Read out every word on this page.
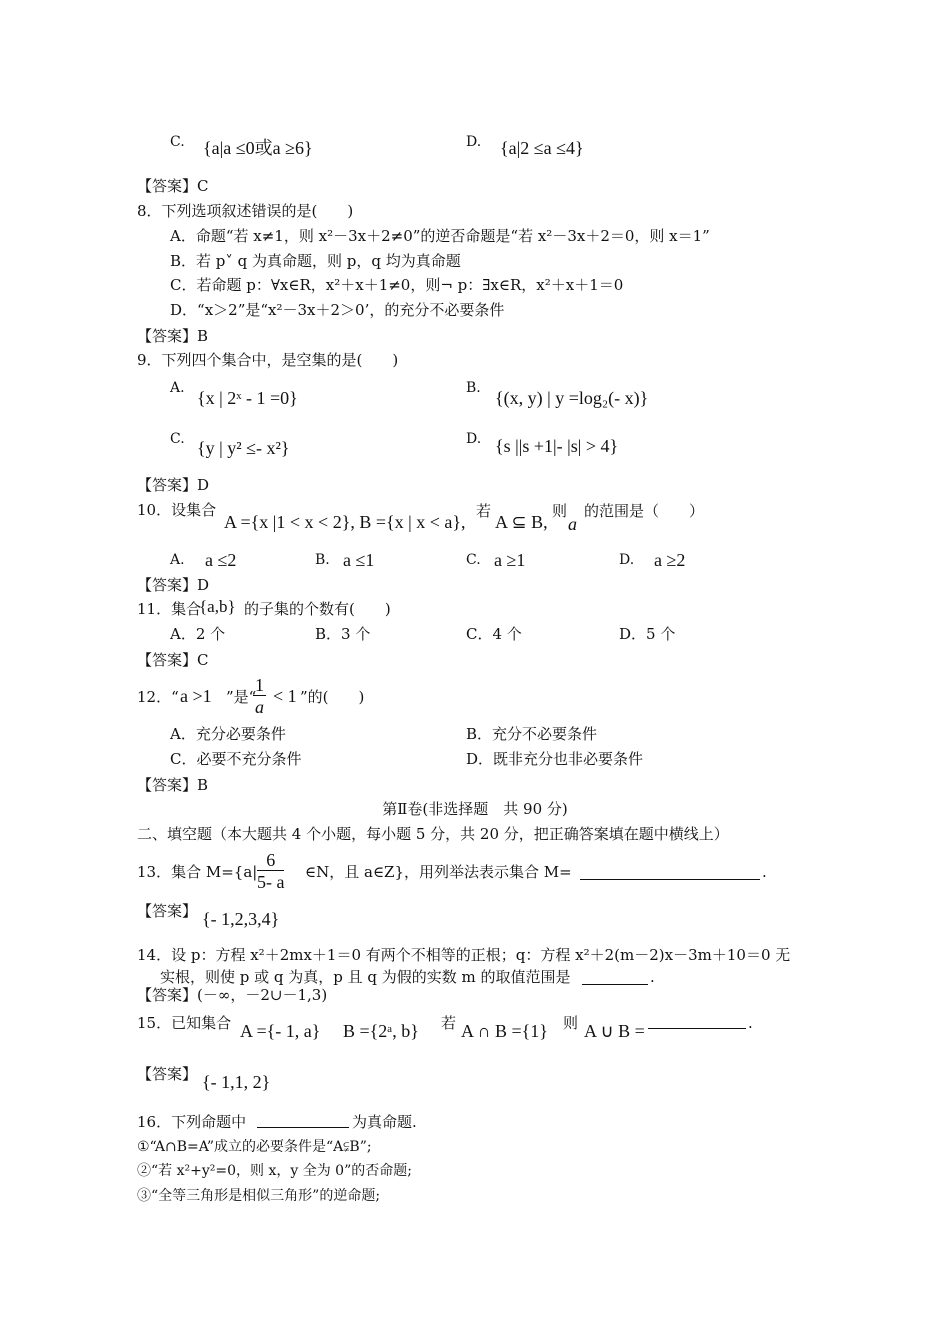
C. {a|a ≤0或a ≥6}	D. {a|2 ≤a ≤4}
【答案】C
8．下列选项叙述错误的是(　　)
A．命题“若 x≠1，则 x²－3x＋2≠0”的逆否命题是“若 x²－3x＋2＝0，则 x＝1”
B．若 p˅ q 为真命题，则 p，q 均为真命题
C．若命题 p：∀x∈R，x²＋x＋1≠0，则¬ p：∃x∈R，x²＋x＋1＝0
D．“x＞2”是“x²－3x＋2＞0’，的充分不必要条件
【答案】B
9．下列四个集合中，是空集的是(　　)
A. {x | 2ˣ - 1 =0}	B. {(x, y) | y =log₂(- x)}
C. {y | y² ≤- x²}	D. {s ||s +1|- |s| > 4}
【答案】D
10．设集合
A ={x |1 < x < 2}, B ={x | x < a},
若
A ⊆ B,
则
a
的范围是（　　）
A. a ≤2	B. a ≤1	C. a ≥1	D. a ≥2
【答案】D
11．集合
{a,b} 的子集的个数有(　　)
A．2 个	B．3 个	C．4 个	D．5 个
【答案】C
12．“ a >1 ”是“
$\frac{1}{a} < 1$ ”的(　　)
A．充分必要条件	B．充分不必要条件
C．必要不充分条件	D．既非充分也非必要条件
【答案】B
第Ⅱ卷(非选择题　共 90 分)
二、填空题（本大题共 4 个小题，每小题 5 分，共 20 分，把正确答案填在题中横线上）
13．集合 $M=\{a| \frac{6}{5- a}$ ∈N，且 a∈Z}，用列举法表示集合 M=	.
【答案】 {- 1,2,3,4}
14．设 p：方程 x²＋2mx＋1＝0 有两个不相等的正根；q：方程 x²＋2(m－2)x－3m＋10＝0 无
实根，则使 p 或 q 为真，p 且 q 为假的实数 m 的取值范围是	.
【答案】(－∞，－2∪－1,3)
15．已知集合 A ={- 1, a} B ={2ᵃ, b} 若 A ∩ B ={1} 则 A ∪ B =	.
【答案】 {- 1,1, 2}
16．下列命题中	为真命题.
①“A∩B=A”成立的必要条件是“A⫋B”;
②“若 x²+y²=0，则 x，y 全为 0”的否命题;
③“全等三角形是相似三角形”的逆命题;
